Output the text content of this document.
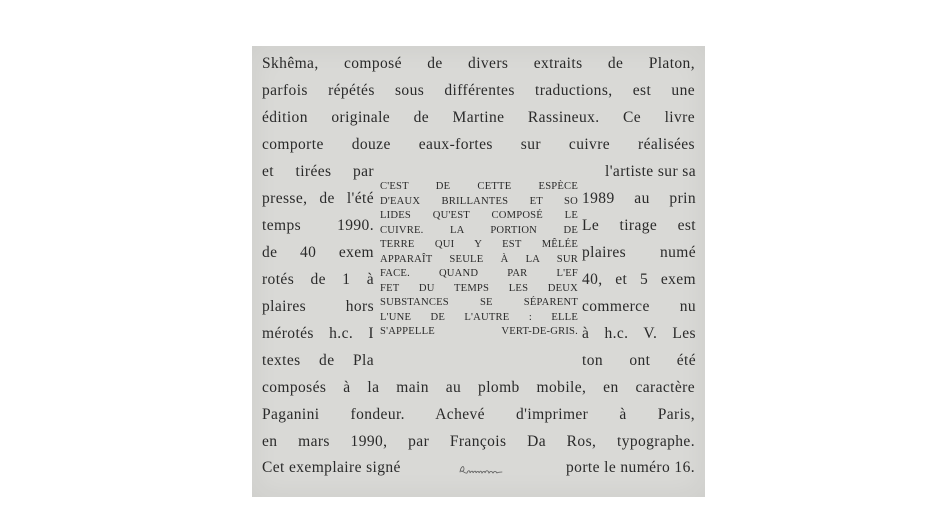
Skhêma, composé de divers extraits de Platon,
parfois répétés sous différentes traductions, est une
édition originale de Martine Rassineux. Ce livre
comporte douze eaux-fortes sur cuivre réalisées
et tirées par
presse, de l'été
temps 1990.
de 40 exem
rotés de 1 à
plaires hors
mérotés h.c. I
textes de Pla
l'artiste sur sa
1989 au prin
Le tirage est
plaires numé
40, et 5 exem
commerce nu
à h.c. V. Les
ton ont été
C'EST DE CETTE ESPÈCE
D'EAUX BRILLANTES ET SO
LIDES QU'EST COMPOSÉ LE
CUIVRE. LA PORTION DE
TERRE QUI Y EST MÊLÉE
APPARAÎT SEULE À LA SUR
FACE. QUAND PAR L'EF
FET DU TEMPS LES DEUX
SUBSTANCES SE SÉPARENT
L'UNE DE L'AUTRE : ELLE
S'APPELLE VERT-DE-GRIS.
composés à la main au plomb mobile, en caractère
Paganini fondeur. Achevé d'imprimer à Paris,
en mars 1990, par François Da Ros, typographe.
Cet exemplaire signé	porte le numéro 16.
